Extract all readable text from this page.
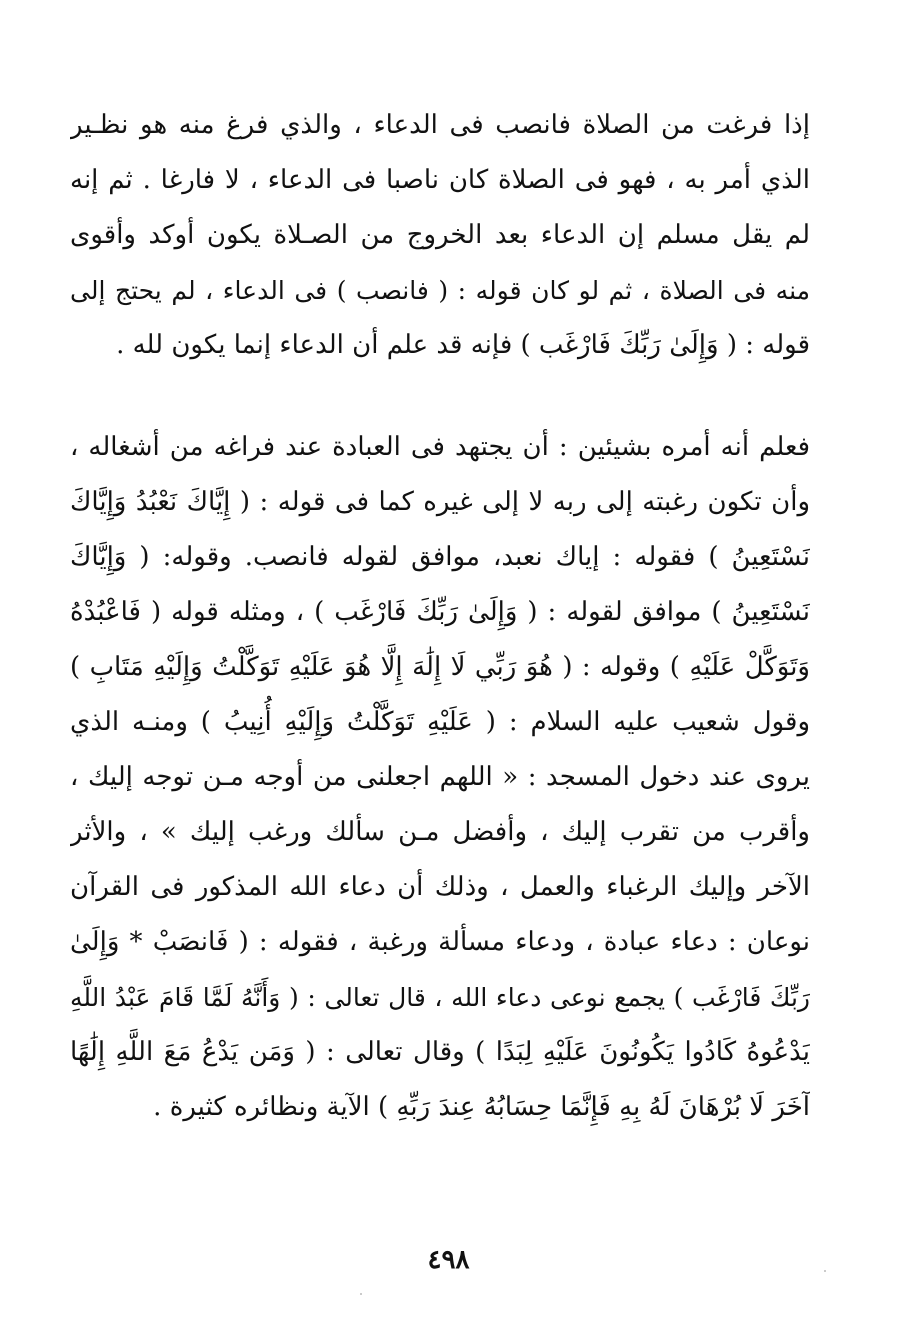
إذا فرغت من الصلاة فانصب فى الدعاء ، والذي فرغ منه هو نظـير
الذي أمر به ، فهو فى الصلاة كان ناصبا فى الدعاء ، لا فارغا . ثم إنه
لم يقل مسلم إن الدعاء بعد الخروج من الصـلاة يكون أوكد وأقوى
منه فى الصلاة ، ثم لو كان قوله : ( فانصب ) فى الدعاء ، لم يحتج إلى
قوله : ( وَإِلَىٰ رَبِّكَ فَارْغَب ) فإنه قد علم أن الدعاء إنما يكون لله .
فعلم أنه أمره بشيئين : أن يجتهد فى العبادة عند فراغه من أشغاله ،
وأن تكون رغبته إلى ربه لا إلى غيره كما فى قوله : ( إِيَّاكَ نَعْبُدُ وَإِيَّاكَ
نَسْتَعِينُ ) فقوله : إياك نعبد، موافق لقوله فانصب. وقوله: ( وَإِيَّاكَ
نَسْتَعِينُ ) موافق لقوله : ( وَإِلَىٰ رَبِّكَ فَارْغَب ) ، ومثله قوله ( فَاعْبُدْهُ
وَتَوَكَّلْ عَلَيْهِ ) وقوله : ( هُوَ رَبِّي لَا إِلَٰهَ إِلَّا هُوَ عَلَيْهِ تَوَكَّلْتُ وَإِلَيْهِ مَتَابِ )
وقول شعيب عليه السلام : ( عَلَيْهِ تَوَكَّلْتُ وَإِلَيْهِ أُنِيبُ ) ومنـه الذي
يروى عند دخول المسجد : « اللهم اجعلنى من أوجه مـن توجه إليك ،
وأقرب من تقرب إليك ، وأفضل مـن سألك ورغب إليك » ، والأثر
الآخر وإليك الرغباء والعمل ، وذلك أن دعاء الله المذكور فى القرآن
نوعان : دعاء عبادة ، ودعاء مسألة ورغبة ، فقوله : ( فَانصَبْ * وَإِلَىٰ
رَبِّكَ فَارْغَب ) يجمع نوعى دعاء الله ، قال تعالى : ( وَأَنَّهُ لَمَّا قَامَ عَبْدُ اللَّهِ
يَدْعُوهُ كَادُوا يَكُونُونَ عَلَيْهِ لِبَدًا ) وقال تعالى : ( وَمَن يَدْعُ مَعَ اللَّهِ إِلَٰهًا
آخَرَ لَا بُرْهَانَ لَهُ بِهِ فَإِنَّمَا حِسَابُهُ عِندَ رَبِّهِ ) الآية ونظائره كثيرة .
٤٩٨
